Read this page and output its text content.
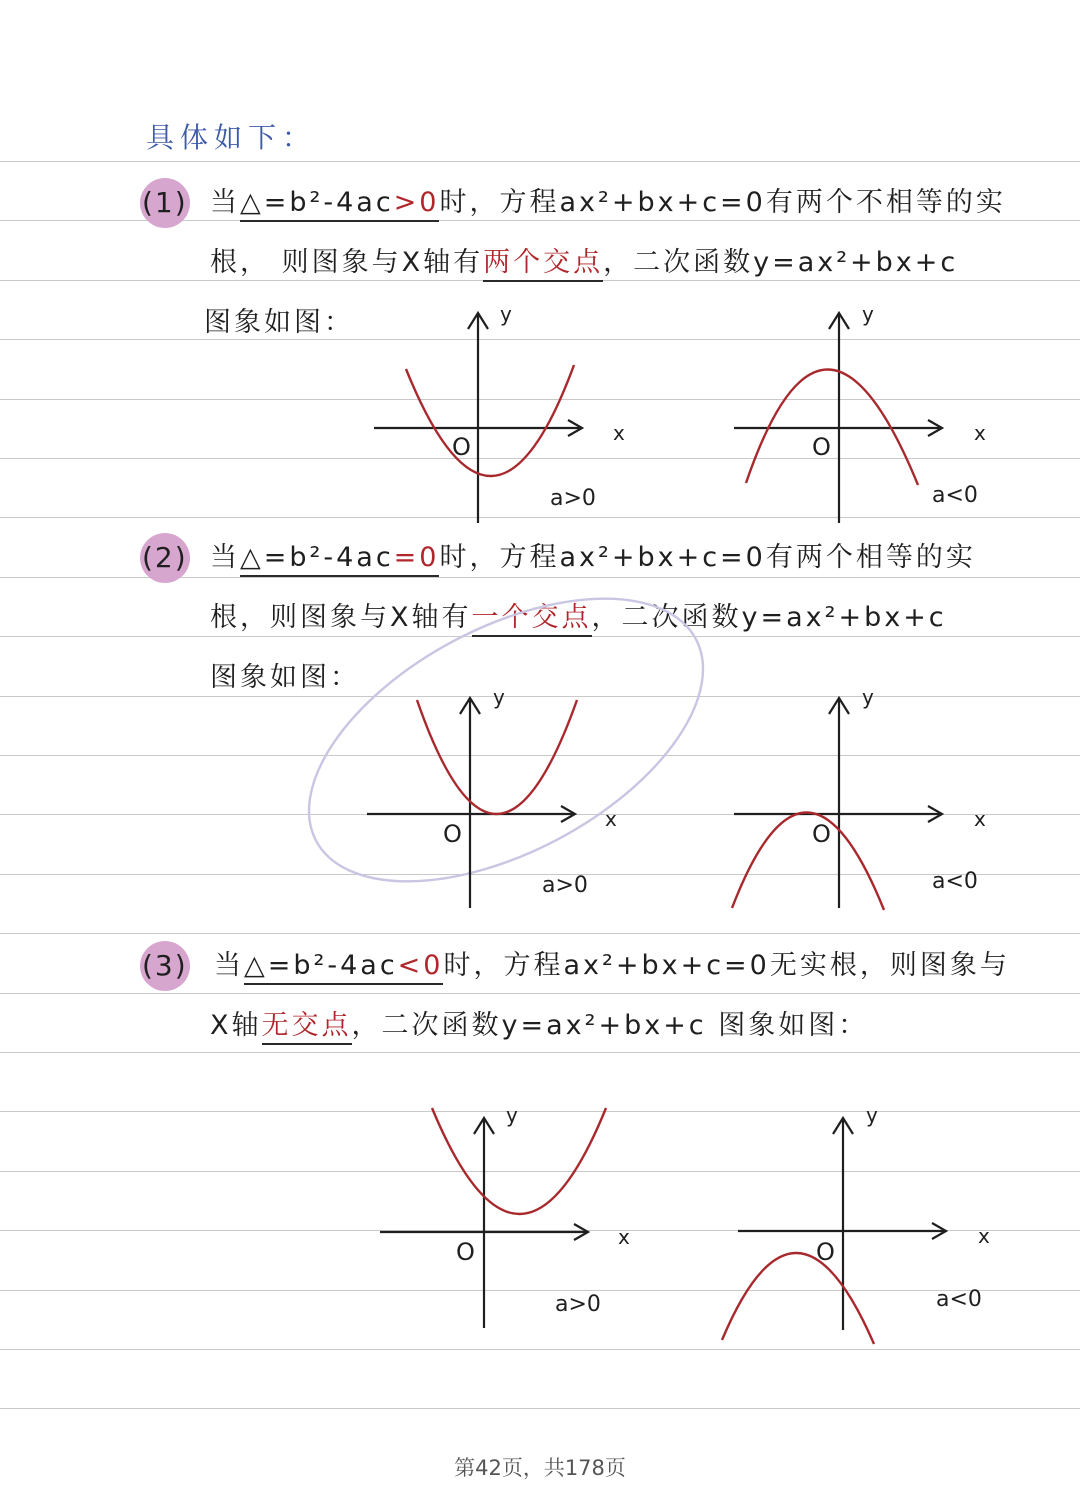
具体如下：
(1) 当△=b²-4ac>0时，方程ax²+bx+c=0有两个不相等的实
根， 则图象与X轴有两个交点，二次函数y=ax²+bx+c
图象如图：	y
x
O
a>0
y
x
O
a<0
(2) 当△=b²-4ac=0时，方程ax²+bx+c=0有两个相等的实
根，则图象与X轴有一个交点，二次函数y=ax²+bx+c
图象如图：
y
x
O
a>0
y
x
O
a<0
(3) 当△=b²-4ac<0时，方程ax²+bx+c=0无实根，则图象与
X轴无交点，二次函数y=ax²+bx+c 图象如图：
y
x
O
a>0
y
x
O
a<0
第42页，共178页
